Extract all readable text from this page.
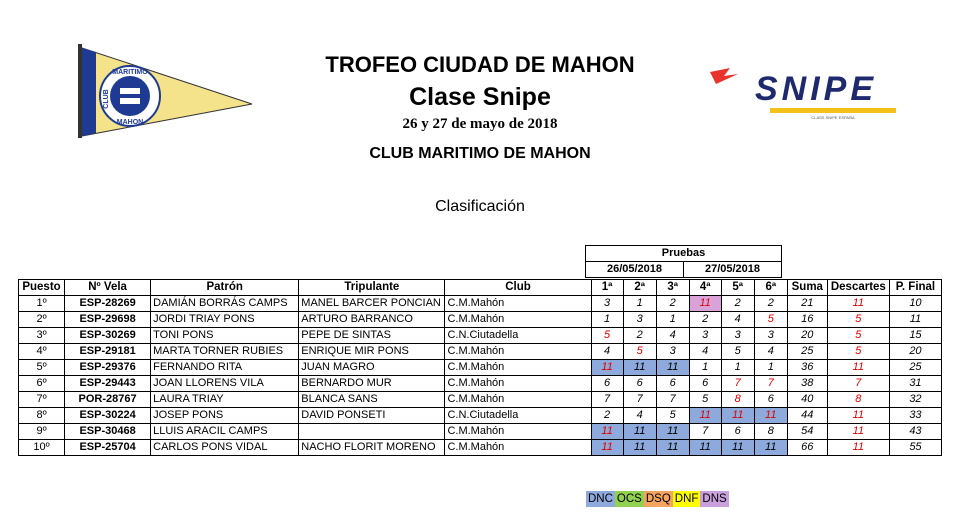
MARITIMO
CLUB
MAHON
SNIPE
CLASS SNIPE ESPAÑA
TROFEO CIUDAD DE MAHON
Clase Snipe
26 y 27 de mayo de 2018
CLUB MARITIMO DE MAHON
Clasificación
Pruebas
26/05/2018	27/05/2018
Puesto	Nº Vela	Patrón	Tripulante	Club	1ª	2ª	3ª	4ª	5ª	6ª	Suma	Descartes	P. Final
1º	ESP-28269	DAMIÁN BORRÁS CAMPS	MANEL BARCER PONCIAN	C.M.Mahón	3	1	2	11	2	2	21	11	10
2º	ESP-29698	JORDI TRIAY PONS	ARTURO BARRANCO	C.M.Mahón	1	3	1	2	4	5	16	5	11
3º	ESP-30269	TONI PONS	PEPE DE SINTAS	C.N.Ciutadella	5	2	4	3	3	3	20	5	15
4º	ESP-29181	MARTA TORNER RUBIES	ENRIQUE MIR PONS	C.M.Mahón	4	5	3	4	5	4	25	5	20
5º	ESP-29376	FERNANDO RITA	JUAN MAGRO	C.M.Mahón	11	11	11	1	1	1	36	11	25
6º	ESP-29443	JOAN LLORENS VILA	BERNARDO MUR	C.M.Mahón	6	6	6	6	7	7	38	7	31
7º	POR-28767	LAURA TRIAY	BLANCA SANS	C.M.Mahón	7	7	7	5	8	6	40	8	32
8º	ESP-30224	JOSEP PONS	DAVID PONSETI	C.N.Ciutadella	2	4	5	11	11	11	44	11	33
9º	ESP-30468	LLUIS ARACIL CAMPS		C.M.Mahón	11	11	11	7	6	8	54	11	43
10º	ESP-25704	CARLOS PONS VIDAL	NACHO FLORIT MORENO	C.M.Mahón	11	11	11	11	11	11	66	11	55
DNC OCS DSQ DNF DNS
